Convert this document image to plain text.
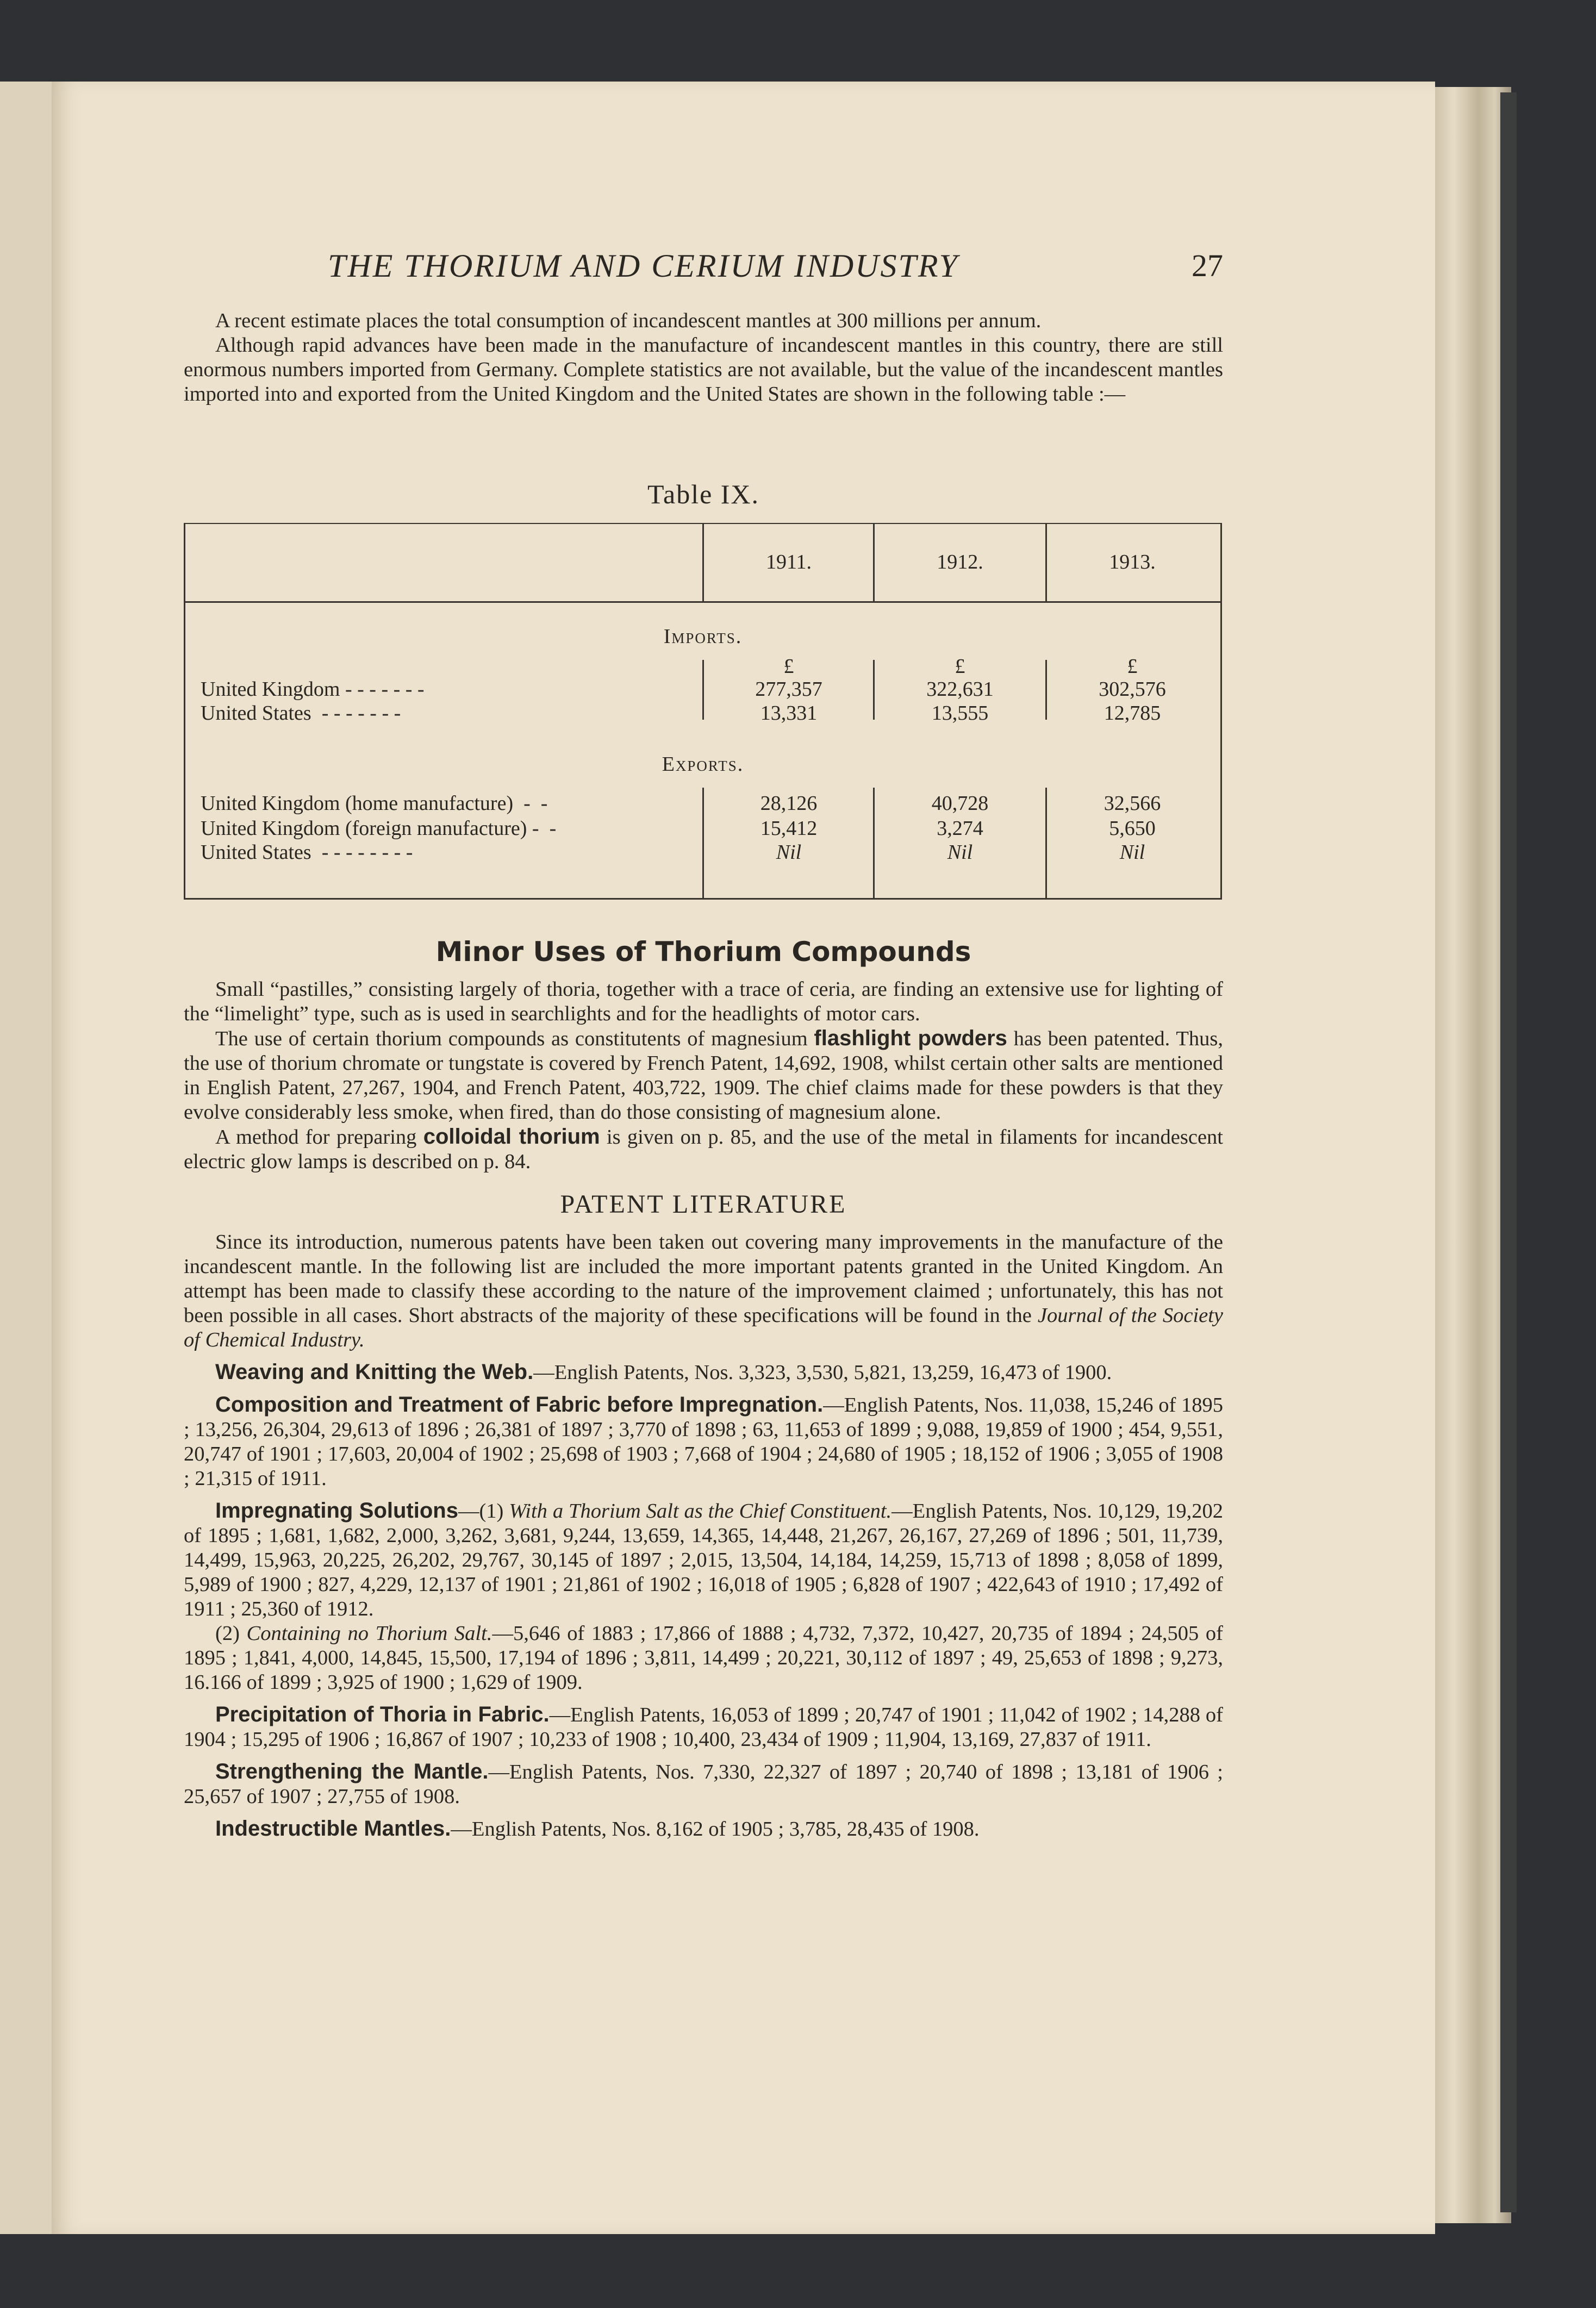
THE THORIUM AND CERIUM INDUSTRY	27

A recent estimate places the total consumption of incandescent mantles at 300 millions per annum.

Although rapid advances have been made in the manufacture of incandescent mantles in this country, there are still enormous numbers imported from Germany. Complete statistics are not available, but the value of the incandescent mantles imported into and exported from the United Kingdom and the United States are shown in the following table :—

Table IX.
1911.	1912.	1913.
Imports.
£	£	£
United Kingdom - - - - - - -	277,357	322,631	302,576
United States  - - - - - - -	13,331	13,555	12,785
Exports.
United Kingdom (home manufacture)  -  -	28,126	40,728	32,566
United Kingdom (foreign manufacture) -  -	15,412	3,274	5,650
United States  - - - - - - - -	Nil	Nil	Nil
Minor Uses of Thorium Compounds

Small “pastilles,” consisting largely of thoria, together with a trace of ceria, are finding an extensive use for lighting of the “limelight” type, such as is used in searchlights and for the headlights of motor cars.

The use of certain thorium compounds as constitutents of magnesium flashlight powders has been patented. Thus, the use of thorium chromate or tungstate is covered by French Patent, 14,692, 1908, whilst certain other salts are mentioned in English Patent, 27,267, 1904, and French Patent, 403,722, 1909. The chief claims made for these powders is that they evolve considerably less smoke, when fired, than do those consisting of magnesium alone.

A method for preparing colloidal thorium is given on p. 85, and the use of the metal in filaments for incandescent electric glow lamps is described on p. 84.

PATENT LITERATURE

Since its introduction, numerous patents have been taken out covering many improvements in the manufacture of the incandescent mantle. In the following list are included the more important patents granted in the United Kingdom. An attempt has been made to classify these according to the nature of the improvement claimed ; unfortunately, this has not been possible in all cases. Short abstracts of the majority of these specifications will be found in the Journal of the Society of Chemical Industry.

Weaving and Knitting the Web.—English Patents, Nos. 3,323, 3,530, 5,821, 13,259, 16,473 of 1900.

Composition and Treatment of Fabric before Impregnation.—English Patents, Nos. 11,038, 15,246 of 1895 ; 13,256, 26,304, 29,613 of 1896 ; 26,381 of 1897 ; 3,770 of 1898 ; 63, 11,653 of 1899 ; 9,088, 19,859 of 1900 ; 454, 9,551, 20,747 of 1901 ; 17,603, 20,004 of 1902 ; 25,698 of 1903 ; 7,668 of 1904 ; 24,680 of 1905 ; 18,152 of 1906 ; 3,055 of 1908 ; 21,315 of 1911.

Impregnating Solutions—(1) With a Thorium Salt as the Chief Constituent.—English Patents, Nos. 10,129, 19,202 of 1895 ; 1,681, 1,682, 2,000, 3,262, 3,681, 9,244, 13,659, 14,365, 14,448, 21,267, 26,167, 27,269 of 1896 ; 501, 11,739, 14,499, 15,963, 20,225, 26,202, 29,767, 30,145 of 1897 ; 2,015, 13,504, 14,184, 14,259, 15,713 of 1898 ; 8,058 of 1899, 5,989 of 1900 ; 827, 4,229, 12,137 of 1901 ; 21,861 of 1902 ; 16,018 of 1905 ; 6,828 of 1907 ; 422,643 of 1910 ; 17,492 of 1911 ; 25,360 of 1912.

(2) Containing no Thorium Salt.—5,646 of 1883 ; 17,866 of 1888 ; 4,732, 7,372, 10,427, 20,735 of 1894 ; 24,505 of 1895 ; 1,841, 4,000, 14,845, 15,500, 17,194 of 1896 ; 3,811, 14,499 ; 20,221, 30,112 of 1897 ; 49, 25,653 of 1898 ; 9,273, 16.166 of 1899 ; 3,925 of 1900 ; 1,629 of 1909.

Precipitation of Thoria in Fabric.—English Patents, 16,053 of 1899 ; 20,747 of 1901 ; 11,042 of 1902 ; 14,288 of 1904 ; 15,295 of 1906 ; 16,867 of 1907 ; 10,233 of 1908 ; 10,400, 23,434 of 1909 ; 11,904, 13,169, 27,837 of 1911.

Strengthening the Mantle.—English Patents, Nos. 7,330, 22,327 of 1897 ; 20,740 of 1898 ; 13,181 of 1906 ; 25,657 of 1907 ; 27,755 of 1908.

Indestructible Mantles.—English Patents, Nos. 8,162 of 1905 ; 3,785, 28,435 of 1908.
